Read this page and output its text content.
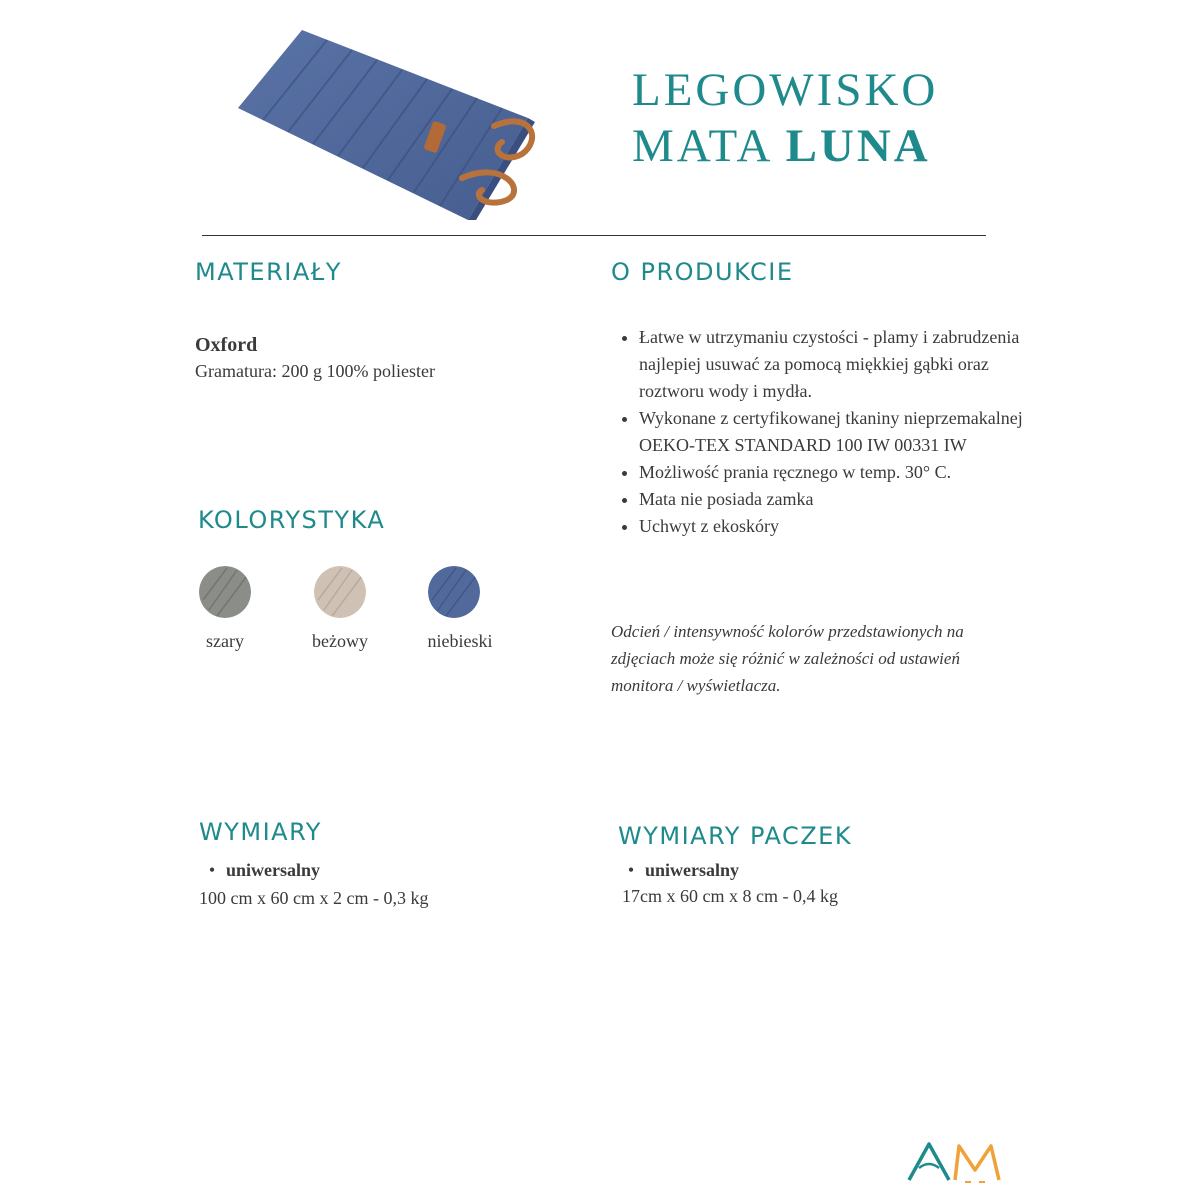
LEGOWISKO
MATA LUNA
MATERIAŁY
Oxford
Gramatura: 200 g 100% poliester
KOLORYSTYKA
szary	beżowy	niebieski
O PRODUKCIE
• Łatwe w utrzymaniu czystości - plamy i zabrudzenia najlepiej usuwać za pomocą miękkiej gąbki oraz roztworu wody i mydła.
• Wykonane z certyfikowanej tkaniny nieprzemakalnej OEKO-TEX STANDARD 100 IW 00331 IW
• Możliwość prania ręcznego w temp. 30° C.
• Mata nie posiada zamka
• Uchwyt z ekoskóry
Odcień / intensywność kolorów przedstawionych na zdjęciach może się różnić w zależności od ustawień monitora / wyświetlacza.
WYMIARY
• uniwersalny
100 cm x 60 cm x 2 cm - 0,3 kg
WYMIARY PACZEK
• uniwersalny
17cm x 60 cm x 8 cm - 0,4 kg
